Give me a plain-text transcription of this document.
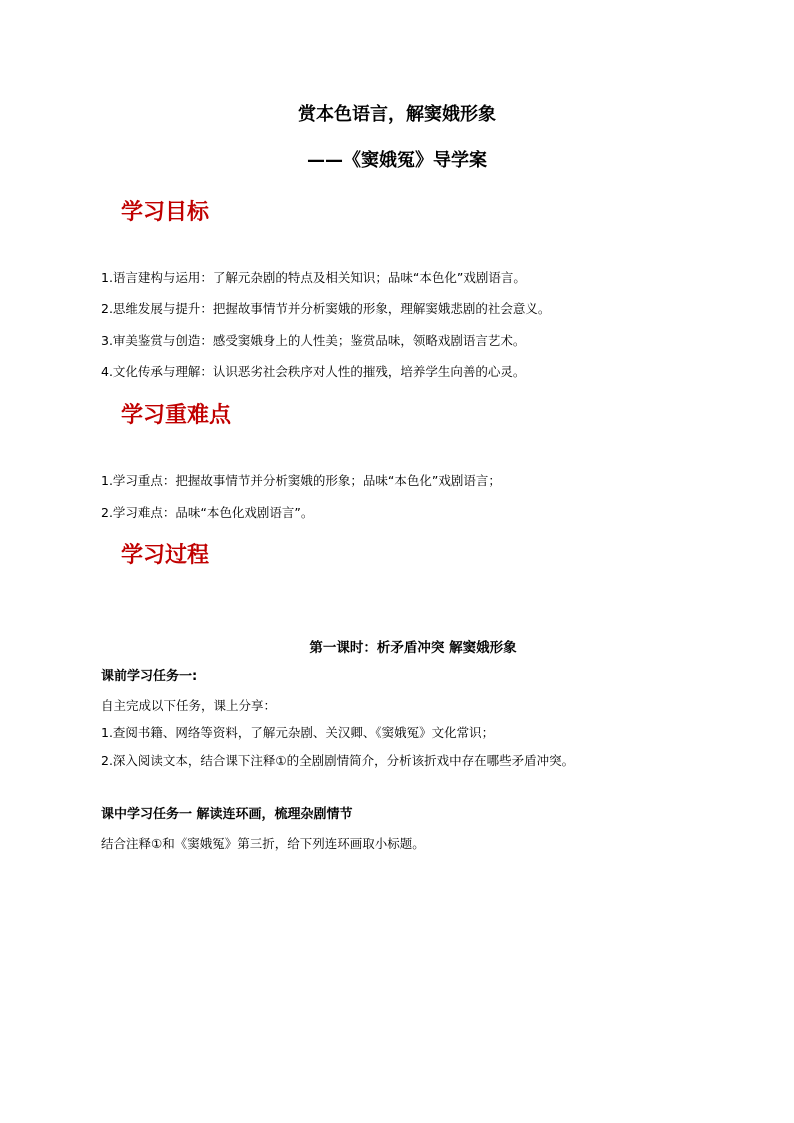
赏本色语言，解窦娥形象
——《窦娥冤》导学案
学习目标
1.语言建构与运用：了解元杂剧的特点及相关知识；品味“本色化”戏剧语言。
2.思维发展与提升：把握故事情节并分析窦娥的形象，理解窦娥悲剧的社会意义。
3.审美鉴赏与创造：感受窦娥身上的人性美；鉴赏品味，领略戏剧语言艺术。
4.文化传承与理解：认识恶劣社会秩序对人性的摧残，培养学生向善的心灵。
学习重难点
1.学习重点：把握故事情节并分析窦娥的形象；品味“本色化”戏剧语言；
2.学习难点：品味“本色化戏剧语言”。
学习过程
第一课时：析矛盾冲突 解窦娥形象
课前学习任务一:
自主完成以下任务，课上分享：
1.查阅书籍、网络等资料，了解元杂剧、关汉卿、《窦娥冤》文化常识；
2.深入阅读文本，结合课下注释①的全剧剧情简介，分析该折戏中存在哪些矛盾冲突。
课中学习任务一 解读连环画，梳理杂剧情节
结合注释①和《窦娥冤》第三折，给下列连环画取小标题。
